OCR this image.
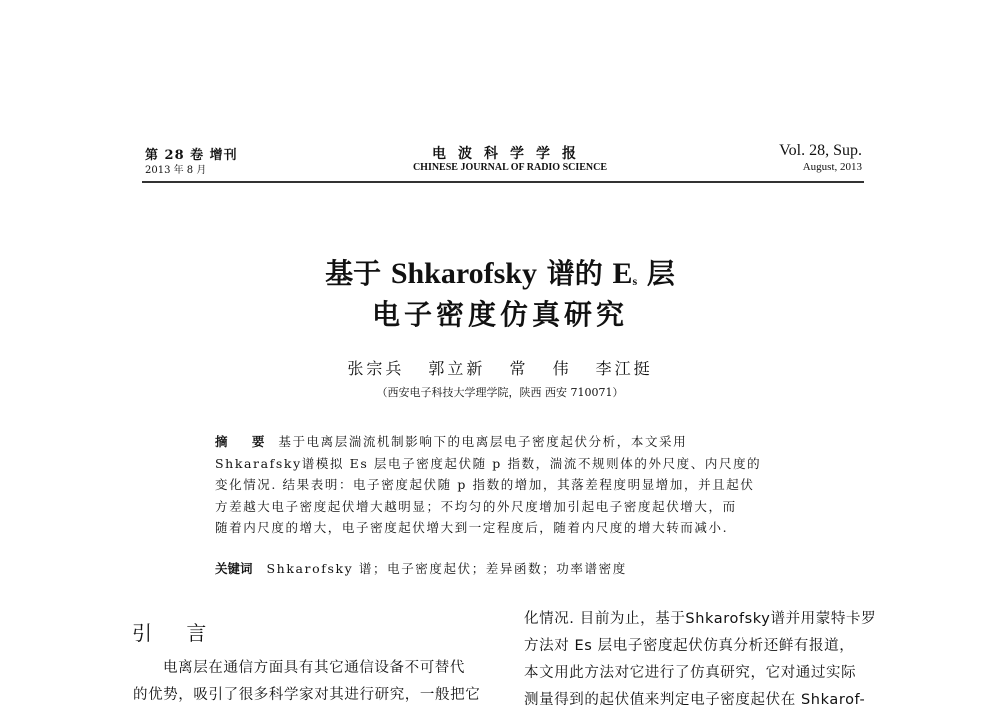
第 28 卷 增刊
2013 年 8 月
电波科学学报
CHINESE JOURNAL OF RADIO SCIENCE
Vol. 28, Sup.
August, 2013
基于 Shkarofsky 谱的 $E_s$ 层
电子密度仿真研究
张宗兵 郭立新 常 伟 李江挺
（西安电子科技大学理学院，陕西 西安 710071）
摘 要 基于电离层湍流机制影响下的电离层电子密度起伏分析，本文采用
Shkarafsky谱模拟 Es 层电子密度起伏随 p 指数，湍流不规则体的外尺度、内尺度的
变化情况. 结果表明：电子密度起伏随 p 指数的增加，其落差程度明显增加，并且起伏
方差越大电子密度起伏增大越明显；不均匀的外尺度增加引起电子密度起伏增大，而
随着内尺度的增大，电子密度起伏增大到一定程度后，随着内尺度的增大转而减小.
关键词 Shkarofsky 谱；电子密度起伏；差异函数；功率谱密度
引 言
电离层在通信方面具有其它通信设备不可替代
的优势，吸引了很多科学家对其进行研究，一般把它
化情况. 目前为止，基于Shkarofsky谱并用蒙特卡罗
方法对 Es 层电子密度起伏仿真分析还鲜有报道，
本文用此方法对它进行了仿真研究，它对通过实际
测量得到的起伏值来判定电子密度起伏在 Shkarof-
